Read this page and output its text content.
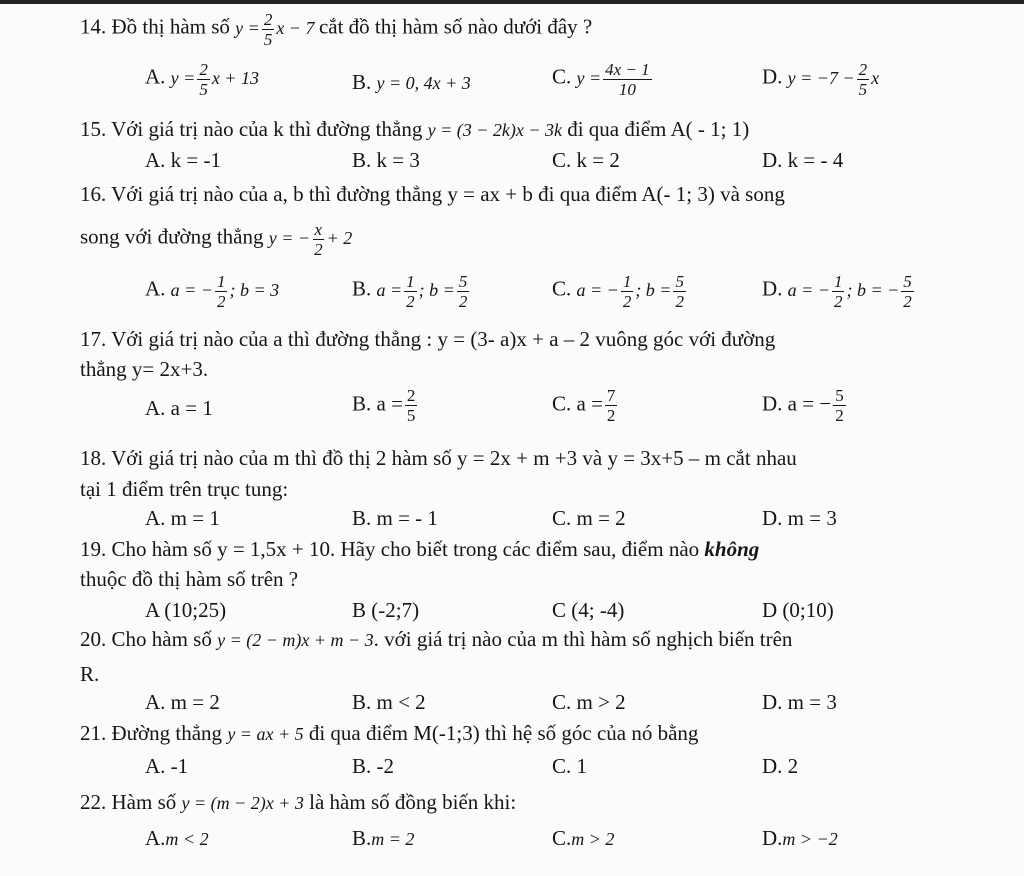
14. Đồ thị hàm số $y = \frac{2}{5}$ x − 7 cắt đồ thị hàm số nào dưới đây ?
A. $y = \frac{2}{5}$ x + 13	B. y = 0, 4x + 3	C. $y = \frac{4x - 1}{10}$	D. $y = -7 - \frac{2}{5}$ x
15. Với giá trị nào của k thì đường thẳng y = (3 − 2k)x − 3k đi qua điểm A( - 1; 1)
A. k = -1	B. k = 3	C. k = 2	D. k = - 4
16. Với giá trị nào của a, b thì đường thẳng y = ax + b đi qua điểm A(- 1; 3) và song
song với đường thẳng y = − $\frac{x}{2} + 2$
A. a = − $\frac{1}{2}$ ; b = 3	B. $a = \frac{1}{2}$ ; $b = \frac{5}{2}$	C. a = − $\frac{1}{2}$ ; $b = \frac{5}{2}$	D. a = − $\frac{1}{2}$ ; b = − $\frac{5}{2}$
17. Với giá trị nào của a thì đường thẳng : y = (3- a)x + a – 2 vuông góc với đường
thẳng y= 2x+3.
A. a = 1	B. $a = \frac{2}{5}$	C. $a = \frac{7}{2}$	D. a = − $\frac{5}{2}$
18. Với giá trị nào của m thì đồ thị 2 hàm số y = 2x + m +3 và y = 3x+5 – m cắt nhau
tại 1 điểm trên trục tung:
A. m = 1	B. m = - 1	C. m = 2	D. m = 3
19. Cho hàm số y = 1,5x + 10. Hãy cho biết trong các điểm sau, điểm nào không
thuộc đồ thị hàm số trên ?
A (10;25)	B (-2;7)	C (4; -4)	D (0;10)
20. Cho hàm số y = (2 − m)x + m − 3. với giá trị nào của m thì hàm số nghịch biến trên
R.
A. m = 2	B. m < 2	C. m > 2	D. m = 3
21. Đường thẳng y = ax + 5 đi qua điểm M(-1;3) thì hệ số góc của nó bằng
A. -1	B. -2	C. 1	D. 2
22. Hàm số y = (m − 2)x + 3 là hàm số đồng biến khi:
A.m < 2	B.m = 2	C.m > 2	D.m > −2
